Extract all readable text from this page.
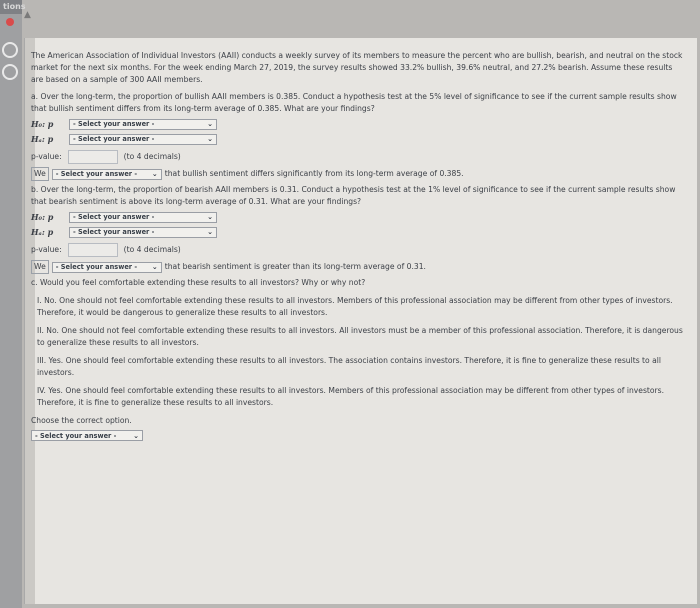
tions
▲

The American Association of Individual Investors (AAII) conducts a weekly survey of its members to measure the percent who are bullish, bearish, and neutral on the stock market for the next six months. For the week ending March 27, 2019, the survey results showed 33.2% bullish, 39.6% neutral, and 27.2% bearish. Assume these results are based on a sample of 300 AAII members.

a. Over the long-term, the proportion of bullish AAII members is 0.385. Conduct a hypothesis test at the 5% level of significance to see if the current sample results show that bullish sentiment differs from its long-term average of 0.385. What are your findings?

H₀: p	- Select your answer -	⌄
Hₐ: p	- Select your answer -	⌄
p-value:	(to 4 decimals)
We	- Select your answer - ⌄ that bullish sentiment differs significantly from its long-term average of 0.385.

b. Over the long-term, the proportion of bearish AAII members is 0.31. Conduct a hypothesis test at the 1% level of significance to see if the current sample results show that bearish sentiment is above its long-term average of 0.31. What are your findings?

H₀: p	- Select your answer -	⌄
Hₐ: p	- Select your answer -	⌄
p-value:	(to 4 decimals)
We	- Select your answer - ⌄ that bearish sentiment is greater than its long-term average of 0.31.

c. Would you feel comfortable extending these results to all investors? Why or why not?

I. No. One should not feel comfortable extending these results to all investors. Members of this professional association may be different from other types of investors. Therefore, it would be dangerous to generalize these results to all investors.

II. No. One should not feel comfortable extending these results to all investors. All investors must be a member of this professional association. Therefore, it is dangerous to generalize these results to all investors.

III. Yes. One should feel comfortable extending these results to all investors. The association contains investors. Therefore, it is fine to generalize these results to all investors.

IV. Yes. One should feel comfortable extending these results to all investors. Members of this professional association may be different from other types of investors. Therefore, it is fine to generalize these results to all investors.

Choose the correct option.

- Select your answer - ⌄
